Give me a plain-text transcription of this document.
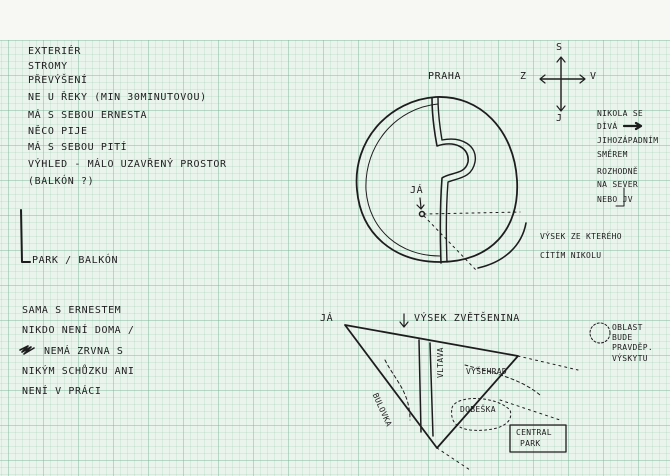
EXTERIÉR
STROMY
PŘEVÝŠENÍ
NE U ŘEKY (MIN 30MINUTOVOU)
MÁ S SEBOU ERNESTA
NĚCO PIJE
MÁ S SEBOU PITÍ
VÝHLED - MÁLO UZAVŘENÝ PROSTOR
(BALKÓN ?)
PARK / BALKÓN
SAMA S ERNESTEM
NIKDO NENÍ DOMA /
NEMÁ ZRVNA S
NIKÝM SCHŮZKU ANI
NENÍ V PRÁCI
PRAHA
JÁ
VÝSEK ZE KTERÉHO
CÍTÍM NIKOLU
S
Z	V
J	NIKOLA SE
DÍVÁ
JIHOZÁPADNÍM
SMĚREM
ROZHODNĚ
NA SEVER
NEBO JV
JÁ	VÝSEK ZVĚTŠENINA
BULOVKA
VLTAVA	VYŠEHRAD
DOBEŠKA
CENTRAL
PARK
OBLAST
BUDE
PRAVDĚP.
VÝSKYTU
